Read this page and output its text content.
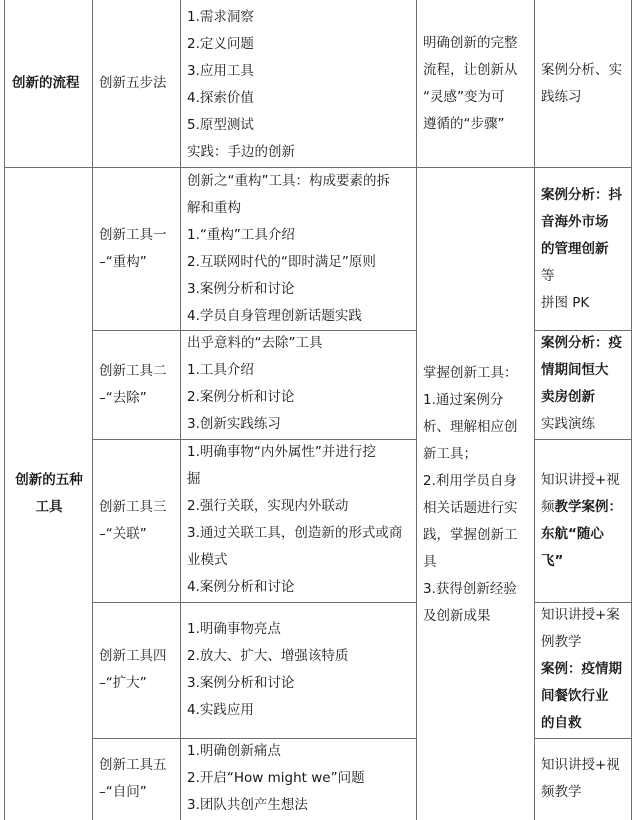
创新的流程 创新五步法
1.需求洞察
2.定义问题
3.应用工具
4.探索价值
5.原型测试
实践：手边的创新
明确创新的完整
流程，让创新从
“灵感”变为可
遵循的“步骤”
案例分析、实
践练习
创新的五种
工具
掌握创新工具：
1.通过案例分
析、理解相应创
新工具；
2.利用学员自身
相关话题进行实
践，掌握创新工
具
3.获得创新经验
及创新成果
创新工具一
–“重构”
创新之“重构”工具：构成要素的拆
解和重构
1.“重构”工具介绍
2.互联网时代的“即时满足”原则
3.案例分析和讨论
4.学员自身管理创新话题实践
案例分析：抖
音海外市场
的管理创新
等
拼图 PK
创新工具二
–“去除”
出乎意料的“去除”工具
1.工具介绍
2.案例分析和讨论
3.创新实践练习
案例分析：疫
情期间恒大
卖房创新
实践演练
创新工具三
–“关联”
1.明确事物“内外属性”并进行挖
掘
2.强行关联，实现内外联动
3.通过关联工具，创造新的形式或商
业模式
4.案例分析和讨论
知识讲授+视
频教学案例：
东航“随心
飞”
创新工具四
–“扩大”
1.明确事物亮点
2.放大、扩大、增强该特质
3.案例分析和讨论
4.实践应用
知识讲授+案
例教学
案例：疫情期
间餐饮行业
的自救
创新工具五
–“自问”
1.明确创新痛点
2.开启“How might we”问题
3.团队共创产生想法
知识讲授+视
频教学
